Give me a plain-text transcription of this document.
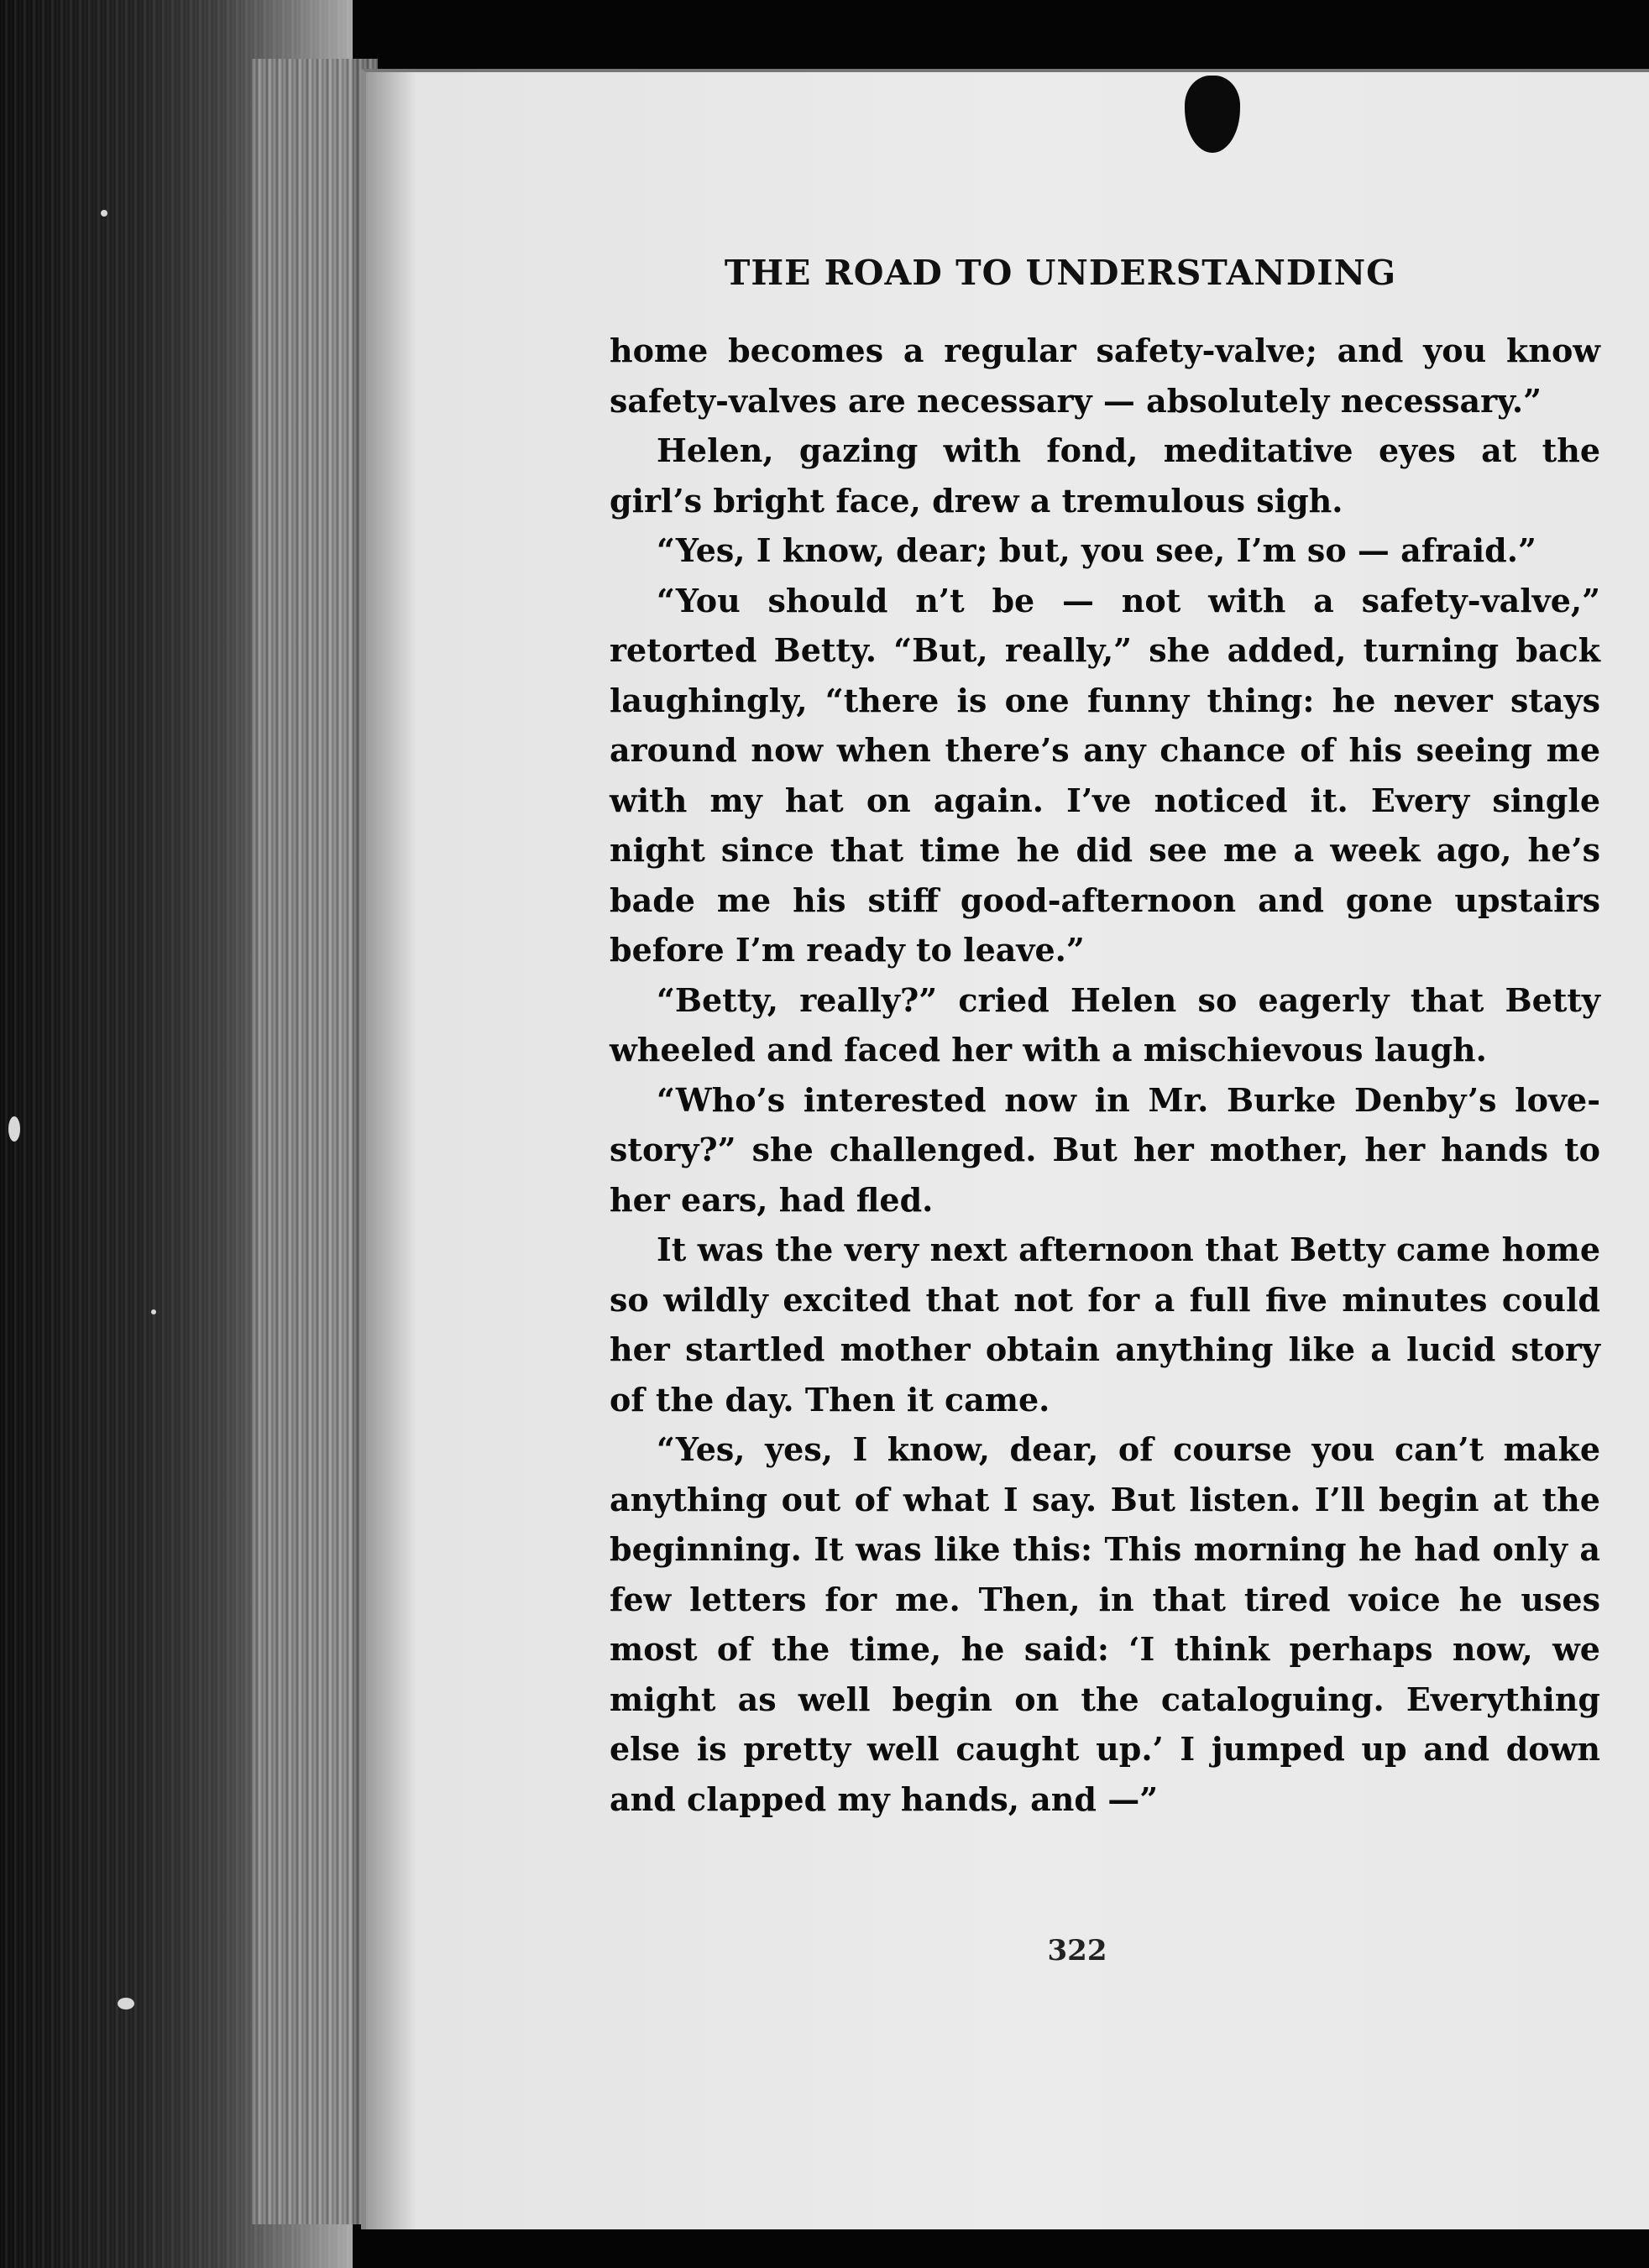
THE ROAD TO UNDERSTANDING

home becomes a regular safety-valve; and you know safety-valves are necessary — absolutely necessary.”

Helen, gazing with fond, meditative eyes at the girl’s bright face, drew a tremulous sigh.

“Yes, I know, dear; but, you see, I’m so — afraid.”

“You should n’t be — not with a safety-valve,” retorted Betty. “But, really,” she added, turning back laughingly, “there is one funny thing: he never stays around now when there’s any chance of his seeing me with my hat on again. I’ve noticed it. Every single night since that time he did see me a week ago, he’s bade me his stiff good-afternoon and gone upstairs before I’m ready to leave.”

“Betty, really?” cried Helen so eagerly that Betty wheeled and faced her with a mischievous laugh.

“Who’s interested now in Mr. Burke Denby’s love-story?” she challenged. But her mother, her hands to her ears, had fled.

It was the very next afternoon that Betty came home so wildly excited that not for a full five minutes could her startled mother obtain anything like a lucid story of the day. Then it came.

“Yes, yes, I know, dear, of course you can’t make anything out of what I say. But listen. I’ll begin at the beginning. It was like this: This morning he had only a few letters for me. Then, in that tired voice he uses most of the time, he said: ‘I think perhaps now, we might as well begin on the cataloguing. Everything else is pretty well caught up.’ I jumped up and down and clapped my hands, and —”

322
